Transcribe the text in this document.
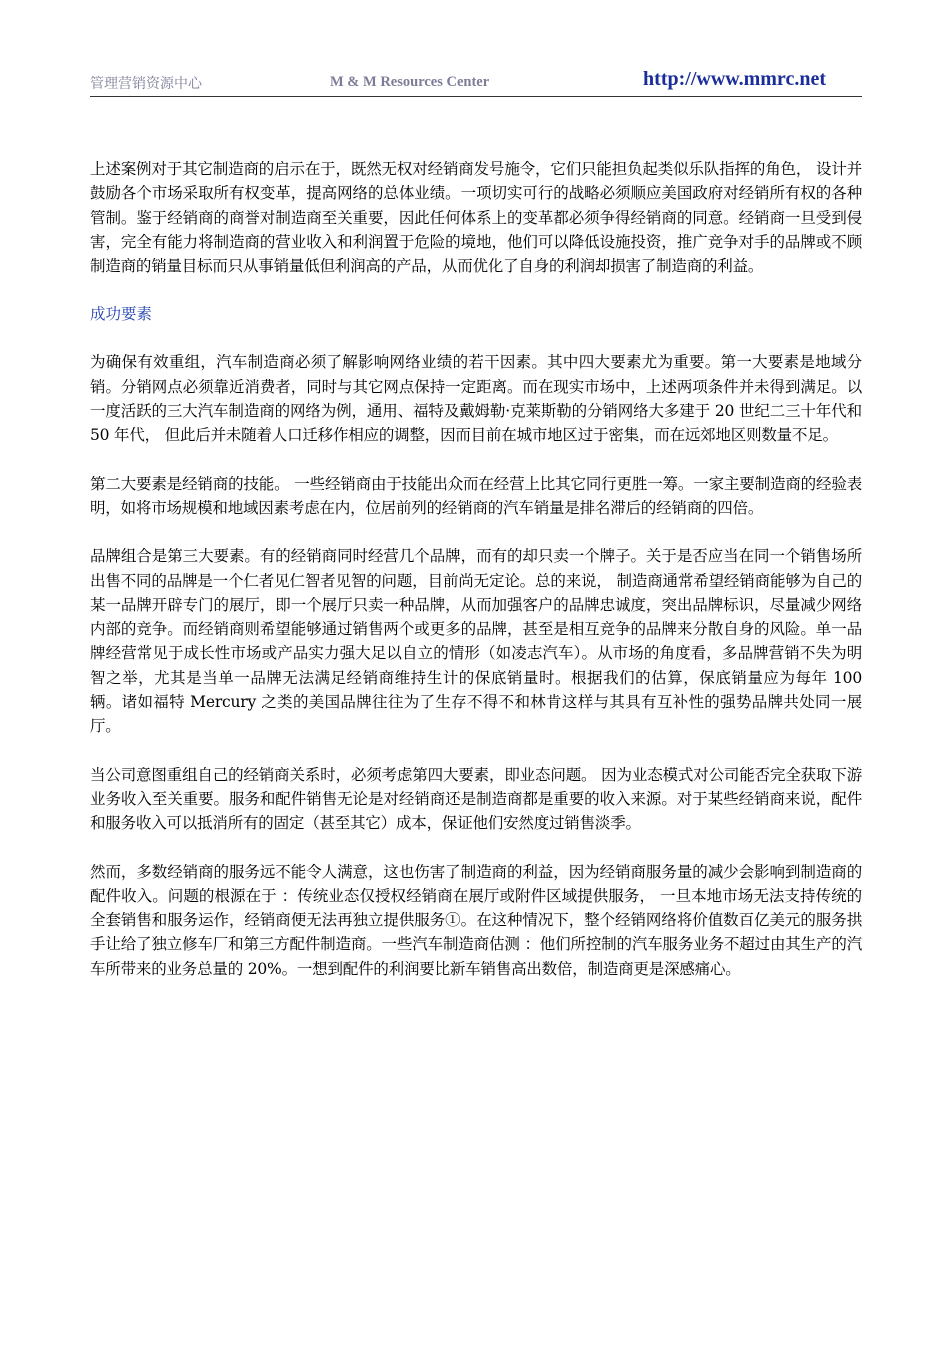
管理营销资源中心	M & M Resources Center	http://www.mmrc.net

上述案例对于其它制造商的启示在于，既然无权对经销商发号施令，它们只能担负起类似乐队指挥的角色， 设计并鼓励各个市场采取所有权变革，提高网络的总体业绩。一项切实可行的战略必须顺应美国政府对经销所有权的各种管制。鉴于经销商的商誉对制造商至关重要，因此任何体系上的变革都必须争得经销商的同意。经销商一旦受到侵害，完全有能力将制造商的营业收入和利润置于危险的境地，他们可以降低设施投资，推广竞争对手的品牌或不顾制造商的销量目标而只从事销量低但利润高的产品，从而优化了自身的利润却损害了制造商的利益。

成功要素

为确保有效重组，汽车制造商必须了解影响网络业绩的若干因素。其中四大要素尤为重要。第一大要素是地域分销。分销网点必须靠近消费者，同时与其它网点保持一定距离。而在现实市场中，上述两项条件并未得到满足。以一度活跃的三大汽车制造商的网络为例，通用、福特及戴姆勒·克莱斯勒的分销网络大多建于 20 世纪二三十年代和 50 年代， 但此后并未随着人口迁移作相应的调整，因而目前在城市地区过于密集，而在远郊地区则数量不足。

第二大要素是经销商的技能。 一些经销商由于技能出众而在经营上比其它同行更胜一筹。一家主要制造商的经验表明，如将市场规模和地域因素考虑在内，位居前列的经销商的汽车销量是排名滞后的经销商的四倍。

品牌组合是第三大要素。有的经销商同时经营几个品牌，而有的却只卖一个牌子。关于是否应当在同一个销售场所出售不同的品牌是一个仁者见仁智者见智的问题，目前尚无定论。总的来说， 制造商通常希望经销商能够为自己的某一品牌开辟专门的展厅，即一个展厅只卖一种品牌，从而加强客户的品牌忠诚度，突出品牌标识，尽量减少网络内部的竞争。而经销商则希望能够通过销售两个或更多的品牌，甚至是相互竞争的品牌来分散自身的风险。单一品牌经营常见于成长性市场或产品实力强大足以自立的情形（如凌志汽车）。从市场的角度看，多品牌营销不失为明智之举，尤其是当单一品牌无法满足经销商维持生计的保底销量时。根据我们的估算，保底销量应为每年 100 辆。诸如福特 Mercury 之类的美国品牌往往为了生存不得不和林肯这样与其具有互补性的强势品牌共处同一展厅。

当公司意图重组自己的经销商关系时，必须考虑第四大要素，即业态问题。 因为业态模式对公司能否完全获取下游业务收入至关重要。服务和配件销售无论是对经销商还是制造商都是重要的收入来源。对于某些经销商来说，配件和服务收入可以抵消所有的固定（甚至其它）成本，保证他们安然度过销售淡季。

然而，多数经销商的服务远不能令人满意，这也伤害了制造商的利益，因为经销商服务量的减少会影响到制造商的配件收入。问题的根源在于 ：传统业态仅授权经销商在展厅或附件区域提供服务， 一旦本地市场无法支持传统的全套销售和服务运作，经销商便无法再独立提供服务①。在这种情况下，整个经销网络将价值数百亿美元的服务拱手让给了独立修车厂和第三方配件制造商。一些汽车制造商估测 ：他们所控制的汽车服务业务不超过由其生产的汽车所带来的业务总量的 20%。一想到配件的利润要比新车销售高出数倍，制造商更是深感痛心。
